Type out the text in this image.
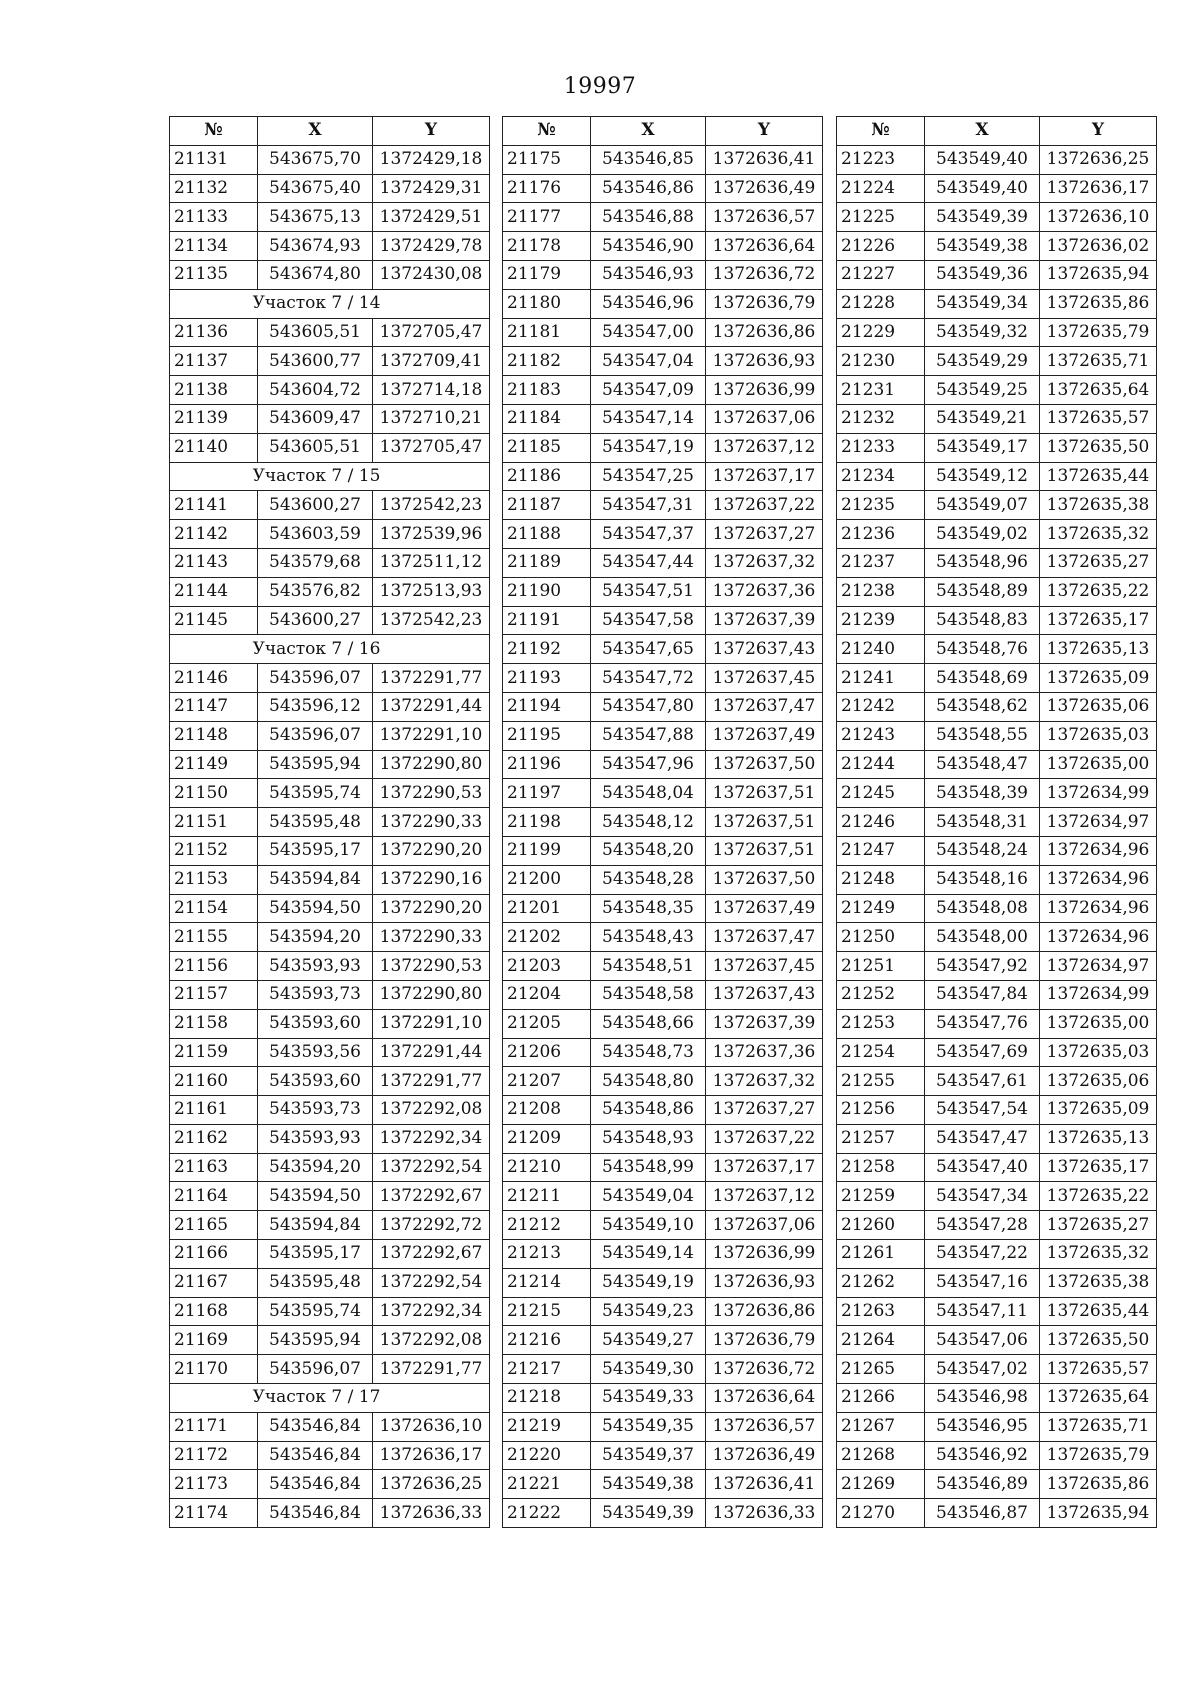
19997
№	X	Y
21131	543675,70	1372429,18
21132	543675,40	1372429,31
21133	543675,13	1372429,51
21134	543674,93	1372429,78
21135	543674,80	1372430,08
Участок 7 / 14		
21136	543605,51	1372705,47
21137	543600,77	1372709,41
21138	543604,72	1372714,18
21139	543609,47	1372710,21
21140	543605,51	1372705,47
Участок 7 / 15		
21141	543600,27	1372542,23
21142	543603,59	1372539,96
21143	543579,68	1372511,12
21144	543576,82	1372513,93
21145	543600,27	1372542,23
Участок 7 / 16		
21146	543596,07	1372291,77
21147	543596,12	1372291,44
21148	543596,07	1372291,10
21149	543595,94	1372290,80
21150	543595,74	1372290,53
21151	543595,48	1372290,33
21152	543595,17	1372290,20
21153	543594,84	1372290,16
21154	543594,50	1372290,20
21155	543594,20	1372290,33
21156	543593,93	1372290,53
21157	543593,73	1372290,80
21158	543593,60	1372291,10
21159	543593,56	1372291,44
21160	543593,60	1372291,77
21161	543593,73	1372292,08
21162	543593,93	1372292,34
21163	543594,20	1372292,54
21164	543594,50	1372292,67
21165	543594,84	1372292,72
21166	543595,17	1372292,67
21167	543595,48	1372292,54
21168	543595,74	1372292,34
21169	543595,94	1372292,08
21170	543596,07	1372291,77
Участок 7 / 17		
21171	543546,84	1372636,10
21172	543546,84	1372636,17
21173	543546,84	1372636,25
21174	543546,84	1372636,33
№	X	Y
21175	543546,85	1372636,41
21176	543546,86	1372636,49
21177	543546,88	1372636,57
21178	543546,90	1372636,64
21179	543546,93	1372636,72
21180	543546,96	1372636,79
21181	543547,00	1372636,86
21182	543547,04	1372636,93
21183	543547,09	1372636,99
21184	543547,14	1372637,06
21185	543547,19	1372637,12
21186	543547,25	1372637,17
21187	543547,31	1372637,22
21188	543547,37	1372637,27
21189	543547,44	1372637,32
21190	543547,51	1372637,36
21191	543547,58	1372637,39
21192	543547,65	1372637,43
21193	543547,72	1372637,45
21194	543547,80	1372637,47
21195	543547,88	1372637,49
21196	543547,96	1372637,50
21197	543548,04	1372637,51
21198	543548,12	1372637,51
21199	543548,20	1372637,51
21200	543548,28	1372637,50
21201	543548,35	1372637,49
21202	543548,43	1372637,47
21203	543548,51	1372637,45
21204	543548,58	1372637,43
21205	543548,66	1372637,39
21206	543548,73	1372637,36
21207	543548,80	1372637,32
21208	543548,86	1372637,27
21209	543548,93	1372637,22
21210	543548,99	1372637,17
21211	543549,04	1372637,12
21212	543549,10	1372637,06
21213	543549,14	1372636,99
21214	543549,19	1372636,93
21215	543549,23	1372636,86
21216	543549,27	1372636,79
21217	543549,30	1372636,72
21218	543549,33	1372636,64
21219	543549,35	1372636,57
21220	543549,37	1372636,49
21221	543549,38	1372636,41
21222	543549,39	1372636,33
№	X	Y
21223	543549,40	1372636,25
21224	543549,40	1372636,17
21225	543549,39	1372636,10
21226	543549,38	1372636,02
21227	543549,36	1372635,94
21228	543549,34	1372635,86
21229	543549,32	1372635,79
21230	543549,29	1372635,71
21231	543549,25	1372635,64
21232	543549,21	1372635,57
21233	543549,17	1372635,50
21234	543549,12	1372635,44
21235	543549,07	1372635,38
21236	543549,02	1372635,32
21237	543548,96	1372635,27
21238	543548,89	1372635,22
21239	543548,83	1372635,17
21240	543548,76	1372635,13
21241	543548,69	1372635,09
21242	543548,62	1372635,06
21243	543548,55	1372635,03
21244	543548,47	1372635,00
21245	543548,39	1372634,99
21246	543548,31	1372634,97
21247	543548,24	1372634,96
21248	543548,16	1372634,96
21249	543548,08	1372634,96
21250	543548,00	1372634,96
21251	543547,92	1372634,97
21252	543547,84	1372634,99
21253	543547,76	1372635,00
21254	543547,69	1372635,03
21255	543547,61	1372635,06
21256	543547,54	1372635,09
21257	543547,47	1372635,13
21258	543547,40	1372635,17
21259	543547,34	1372635,22
21260	543547,28	1372635,27
21261	543547,22	1372635,32
21262	543547,16	1372635,38
21263	543547,11	1372635,44
21264	543547,06	1372635,50
21265	543547,02	1372635,57
21266	543546,98	1372635,64
21267	543546,95	1372635,71
21268	543546,92	1372635,79
21269	543546,89	1372635,86
21270	543546,87	1372635,94
